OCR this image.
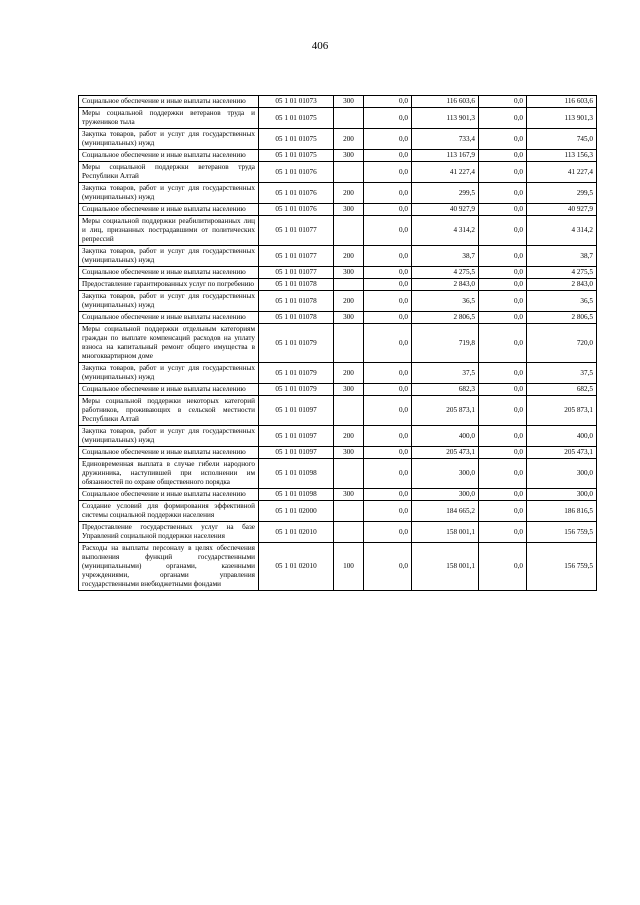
406
Социальное обеспечение и иные выплаты населению	05 1 01 01073	300	0,0	116 603,6	0,0	116 603,6
Меры социальной поддержки ветеранов труда и тружеников тыла	05 1 01 01075		0,0	113 901,3	0,0	113 901,3
Закупка товаров, работ и услуг для государственных (муниципальных) нужд	05 1 01 01075	200	0,0	733,4	0,0	745,0
Социальное обеспечение и иные выплаты населению	05 1 01 01075	300	0,0	113 167,9	0,0	113 156,3
Меры социальной поддержки ветеранов труда Республики Алтай	05 1 01 01076		0,0	41 227,4	0,0	41 227,4
Закупка товаров, работ и услуг для государственных (муниципальных) нужд	05 1 01 01076	200	0,0	299,5	0,0	299,5
Социальное обеспечение и иные выплаты населению	05 1 01 01076	300	0,0	40 927,9	0,0	40 927,9
Меры социальной поддержки реабилитированных лиц и лиц, признанных пострадавшими от политических репрессий	05 1 01 01077		0,0	4 314,2	0,0	4 314,2
Закупка товаров, работ и услуг для государственных (муниципальных) нужд	05 1 01 01077	200	0,0	38,7	0,0	38,7
Социальное обеспечение и иные выплаты населению	05 1 01 01077	300	0,0	4 275,5	0,0	4 275,5
Предоставление гарантированных услуг по погребению	05 1 01 01078		0,0	2 843,0	0,0	2 843,0
Закупка товаров, работ и услуг для государственных (муниципальных) нужд	05 1 01 01078	200	0,0	36,5	0,0	36,5
Социальное обеспечение и иные выплаты населению	05 1 01 01078	300	0,0	2 806,5	0,0	2 806,5
Меры социальной поддержки отдельным категориям граждан по выплате компенсаций расходов на уплату взноса на капитальный ремонт общего имущества в многоквартирном доме	05 1 01 01079		0,0	719,8	0,0	720,0
Закупка товаров, работ и услуг для государственных (муниципальных) нужд	05 1 01 01079	200	0,0	37,5	0,0	37,5
Социальное обеспечение и иные выплаты населению	05 1 01 01079	300	0,0	682,3	0,0	682,5
Меры социальной поддержки некоторых категорий работников, проживающих в сельской местности Республики Алтай	05 1 01 01097		0,0	205 873,1	0,0	205 873,1
Закупка товаров, работ и услуг для государственных (муниципальных) нужд	05 1 01 01097	200	0,0	400,0	0,0	400,0
Социальное обеспечение и иные выплаты населению	05 1 01 01097	300	0,0	205 473,1	0,0	205 473,1
Единовременная выплата в случае гибели народного дружинника, наступившей при исполнении им обязанностей по охране общественного порядка	05 1 01 01098		0,0	300,0	0,0	300,0
Социальное обеспечение и иные выплаты населению	05 1 01 01098	300	0,0	300,0	0,0	300,0
Создание условий для формирования эффективной системы социальной поддержки населения	05 1 01 02000		0,0	184 665,2	0,0	186 816,5
Предоставление государственных услуг на базе Управлений социальной поддержки населения	05 1 01 02010		0,0	158 001,1	0,0	156 759,5
Расходы на выплаты персоналу в целях обеспечения выполнения функций государственными (муниципальными) органами, казенными учреждениями, органами управления государственными внебюджетными фондами	05 1 01 02010	100	0,0	158 001,1	0,0	156 759,5
